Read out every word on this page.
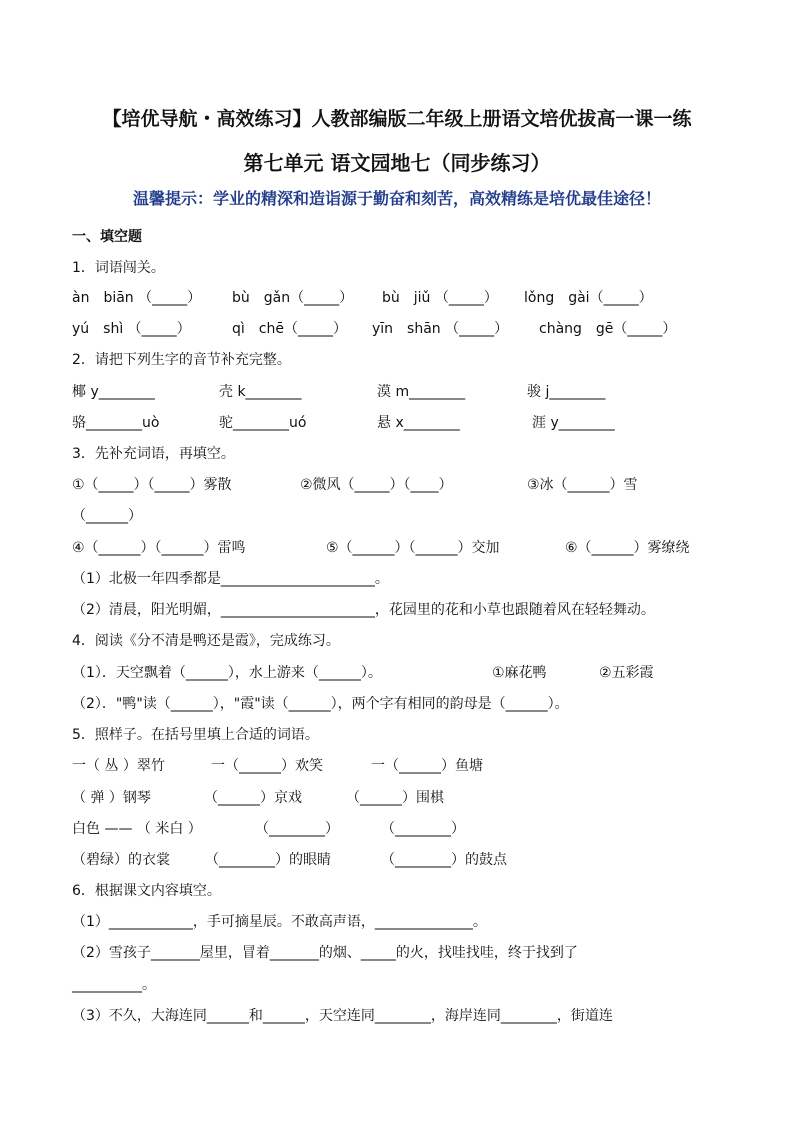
【培优导航・高效练习】人教部编版二年级上册语文培优拔高一课一练
第七单元 语文园地七（同步练习）
温馨提示：学业的精深和造诣源于勤奋和刻苦，高效精练是培优最佳途径！
一、填空题
1．词语闯关。
àn　biān （_____） bù　gǎn（_____） bù　jiǔ （_____） lǒng　gài（_____）
yú　shì （_____）	qì　chē（_____） yīn　shān （_____） chàng　gē（_____）
2．请把下列生字的音节补充完整。
椰 y________	壳 k________	漠 m________	骏 j________
骆________uò	驼________uó	悬 x________	涯 y________
3．先补充词语，再填空。
①（_____）（_____）雾散	②微风（_____）（____）	③冰（______）雪
（______）
④（______）（______）雷鸣	⑤（______）（______）交加	⑥（______）雾缭绕
（1）北极一年四季都是______________________。
（2）清晨，阳光明媚，______________________，花园里的花和小草也跟随着风在轻轻舞动。
4．阅读《分不清是鸭还是霞》，完成练习。
（1）．天空飘着（______），水上游来（______）。	①麻花鸭	②五彩霞
（2）．"鸭"读（______），"霞"读（______），两个字有相同的韵母是（______）。
5．照样子。在括号里填上合适的词语。
一（ 丛 ）翠竹	一（______）欢笑	一（______）鱼塘
（ 弹 ）钢琴	（______）京戏	（______）围棋
白色 —— （ 米白 ）	（________）	（________）
（碧绿）的衣裳	（________）的眼睛	（________）的鼓点
6．根据课文内容填空。
（1）____________，手可摘星辰。不敢高声语，______________。
（2）雪孩子_______屋里，冒着_______的烟、_____的火，找哇找哇，终于找到了
__________。
（3）不久，大海连同______和______，天空连同________，海岸连同________，街道连
